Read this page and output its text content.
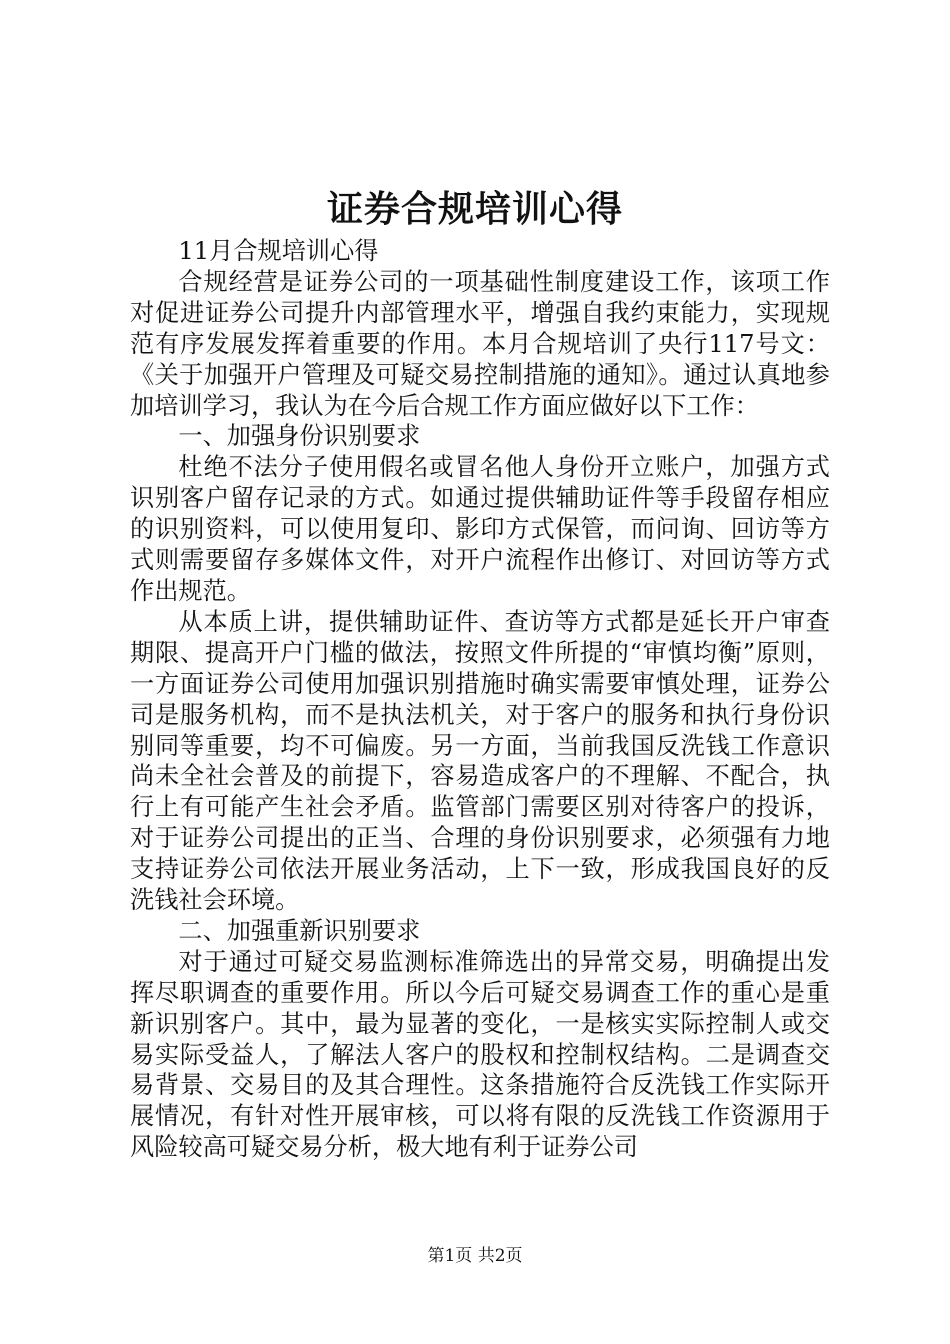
证券合规培训心得

11月合规培训心得

合规经营是证券公司的一项基础性制度建设工作，该项工作对促进证券公司提升内部管理水平，增强自我约束能力，实现规范有序发展发挥着重要的作用。本月合规培训了央行117号文：《关于加强开户管理及可疑交易控制措施的通知》。通过认真地参加培训学习，我认为在今后合规工作方面应做好以下工作：

一、加强身份识别要求

杜绝不法分子使用假名或冒名他人身份开立账户，加强方式识别客户留存记录的方式。如通过提供辅助证件等手段留存相应的识别资料，可以使用复印、影印方式保管，而问询、回访等方式则需要留存多媒体文件，对开户流程作出修订、对回访等方式作出规范。

从本质上讲，提供辅助证件、查访等方式都是延长开户审查期限、提高开户门槛的做法，按照文件所提的“审慎均衡”原则，一方面证券公司使用加强识别措施时确实需要审慎处理，证券公司是服务机构，而不是执法机关，对于客户的服务和执行身份识别同等重要，均不可偏废。另一方面，当前我国反洗钱工作意识尚未全社会普及的前提下，容易造成客户的不理解、不配合，执行上有可能产生社会矛盾。监管部门需要区别对待客户的投诉，对于证券公司提出的正当、合理的身份识别要求，必须强有力地支持证券公司依法开展业务活动，上下一致，形成我国良好的反洗钱社会环境。

二、加强重新识别要求

对于通过可疑交易监测标准筛选出的异常交易，明确提出发挥尽职调查的重要作用。所以今后可疑交易调查工作的重心是重新识别客户。其中，最为显著的变化，一是核实实际控制人或交易实际受益人，了解法人客户的股权和控制权结构。二是调查交易背景、交易目的及其合理性。这条措施符合反洗钱工作实际开展情况，有针对性开展审核，可以将有限的反洗钱工作资源用于风险较高可疑交易分析，极大地有利于证券公司

第1页 共2页
